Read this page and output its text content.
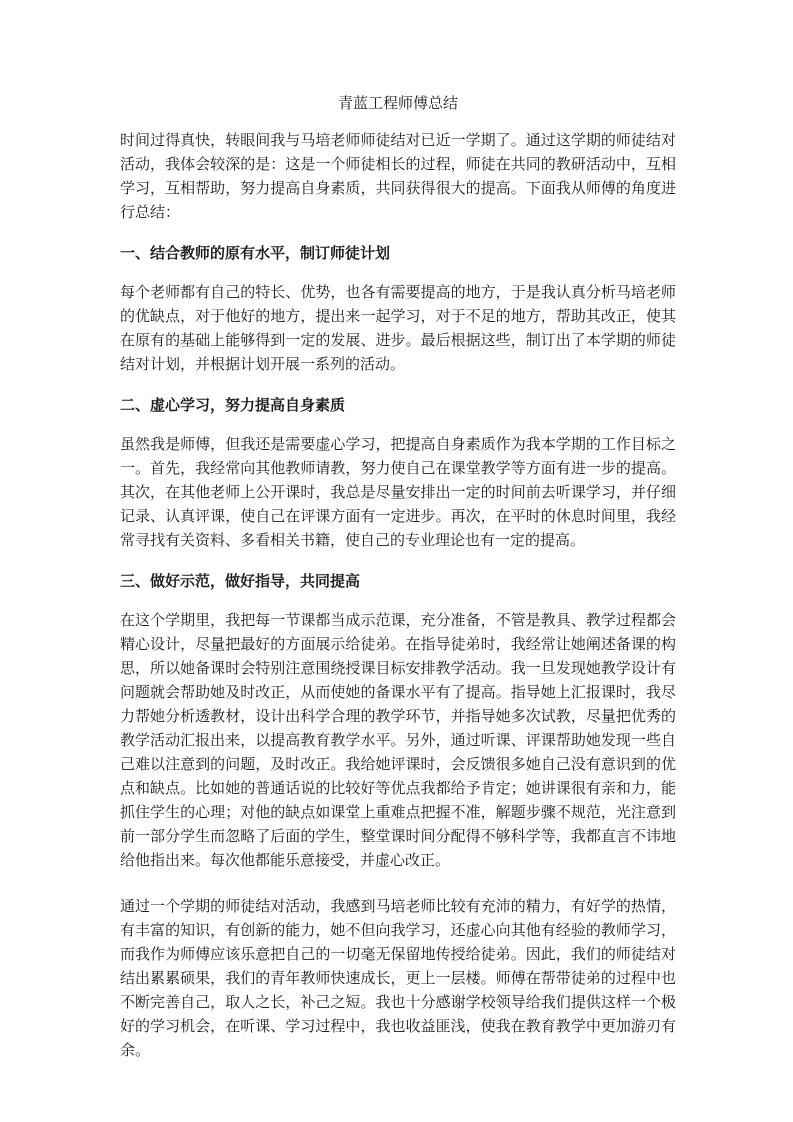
青蓝工程师傅总结

时间过得真快，转眼间我与马培老师师徒结对已近一学期了。通过这学期的师徒结对活动，我体会较深的是：这是一个师徒相长的过程，师徒在共同的教研活动中，互相学习，互相帮助，努力提高自身素质，共同获得很大的提高。下面我从师傅的角度进行总结：

一、结合教师的原有水平，制订师徒计划

每个老师都有自己的特长、优势，也各有需要提高的地方，于是我认真分析马培老师的优缺点，对于他好的地方，提出来一起学习，对于不足的地方，帮助其改正，使其在原有的基础上能够得到一定的发展、进步。最后根据这些，制订出了本学期的师徒结对计划，并根据计划开展一系列的活动。

二、虚心学习，努力提高自身素质

虽然我是师傅，但我还是需要虚心学习，把提高自身素质作为我本学期的工作目标之一。首先，我经常向其他教师请教，努力使自己在课堂教学等方面有进一步的提高。其次，在其他老师上公开课时，我总是尽量安排出一定的时间前去听课学习，并仔细记录、认真评课，使自己在评课方面有一定进步。再次，在平时的休息时间里，我经常寻找有关资料、多看相关书籍，使自己的专业理论也有一定的提高。

三、做好示范，做好指导，共同提高

在这个学期里，我把每一节课都当成示范课，充分准备，不管是教具、教学过程都会精心设计，尽量把最好的方面展示给徒弟。在指导徒弟时，我经常让她阐述备课的构思，所以她备课时会特别注意围绕授课目标安排教学活动。我一旦发现她教学设计有问题就会帮助她及时改正，从而使她的备课水平有了提高。指导她上汇报课时，我尽力帮她分析透教材，设计出科学合理的教学环节，并指导她多次试教，尽量把优秀的教学活动汇报出来，以提高教育教学水平。另外，通过听课、评课帮助她发现一些自己难以注意到的问题，及时改正。我给她评课时，会反馈很多她自己没有意识到的优点和缺点。比如她的普通话说的比较好等优点我都给予肯定；她讲课很有亲和力，能抓住学生的心理；对他的缺点如课堂上重难点把握不准，解题步骤不规范，光注意到前一部分学生而忽略了后面的学生，整堂课时间分配得不够科学等，我都直言不讳地给他指出来。每次他都能乐意接受，并虚心改正。

通过一个学期的师徒结对活动，我感到马培老师比较有充沛的精力，有好学的热情，有丰富的知识，有创新的能力，她不但向我学习，还虚心向其他有经验的教师学习，而我作为师傅应该乐意把自己的一切毫无保留地传授给徒弟。因此，我们的师徒结对结出累累硕果，我们的青年教师快速成长，更上一层楼。师傅在帮带徒弟的过程中也不断完善自己，取人之长，补己之短。我也十分感谢学校领导给我们提供这样一个极好的学习机会，在听课、学习过程中，我也收益匪浅，使我在教育教学中更加游刃有余。
